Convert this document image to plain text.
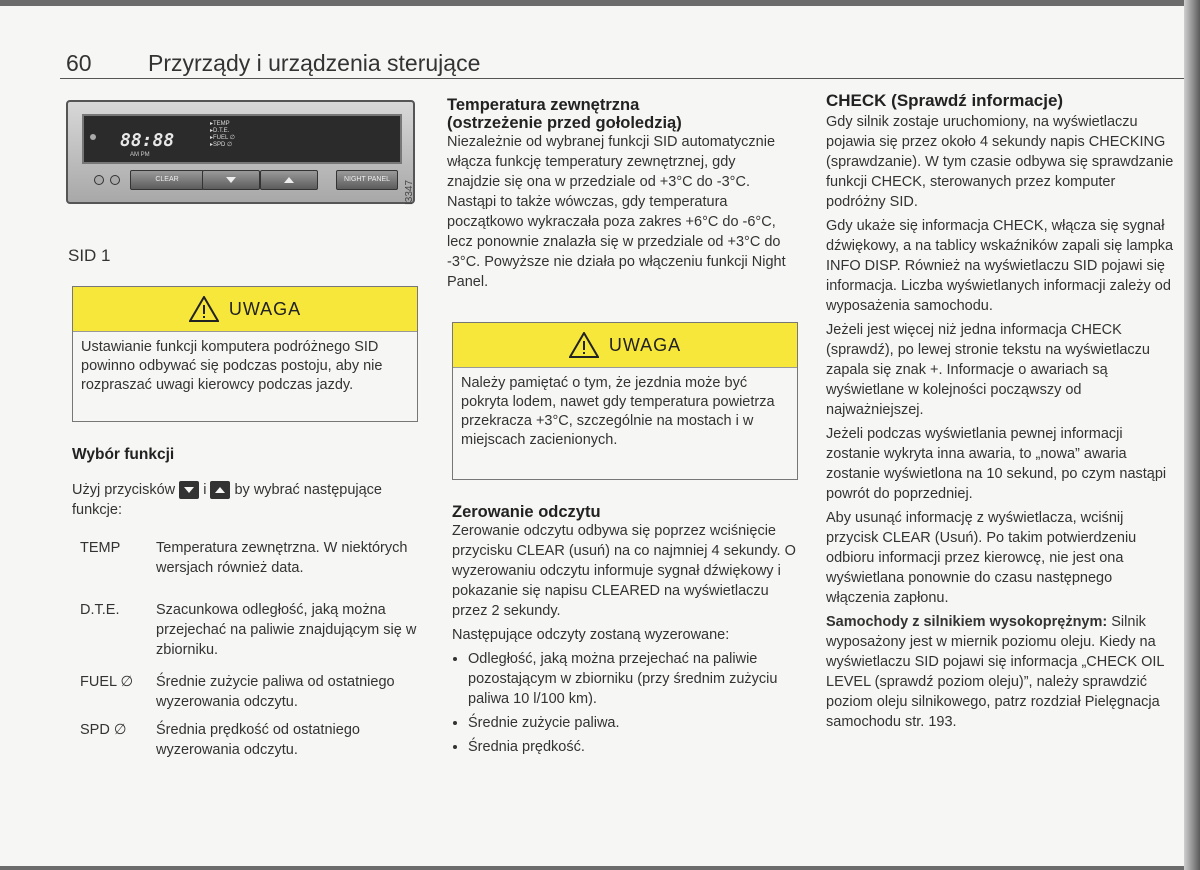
60 Przyrządy i urządzenia sterujące
88:88
AM PM
▸TEMP
▸D.T.E.
▸FUEL ∅
▸SPD ∅
CLEAR	NIGHT PANEL
I3347
SID 1
UWAGA
Ustawianie funkcji komputera podróżnego SID powinno odbywać się podczas postoju, aby nie rozpraszać uwagi kierowcy podczas jazdy.
Wybór funkcji
Użyj przycisków i by wybrać następujące funkcje:
TEMP Temperatura zewnętrzna. W niektórych wersjach również data.
D.T.E.	Szacunkowa odległość, jaką można przejechać na paliwie znajdującym się w zbiorniku.
FUEL ∅ Średnie zużycie paliwa od ostatniego wyzerowania odczytu.
SPD ∅ Średnia prędkość od ostatniego wyzerowania odczytu.
Temperatura zewnętrzna
(ostrzeżenie przed gołoledzią)

Niezależnie od wybranej funkcji SID automatycznie włącza funkcję temperatury zewnętrznej, gdy znajdzie się ona w przedziale od +3°C do -3°C. Nastąpi to także wówczas, gdy temperatura początkowo wykraczała poza zakres +6°C do -6°C, lecz ponownie znalazła się w przedziale od +3°C do -3°C. Powyższe nie działa po włączeniu funkcji Night Panel.

UWAGA
Należy pamiętać o tym, że jezdnia może być pokryta lodem, nawet gdy temperatura powietrza przekracza +3°C, szczególnie na mostach i w miejscach zacienionych.
Zerowanie odczytu

Zerowanie odczytu odbywa się poprzez wciśnięcie przycisku CLEAR (usuń) na co najmniej 4 sekundy. O wyzerowaniu odczytu informuje sygnał dźwiękowy i pokazanie się napisu CLEARED na wyświetlaczu przez 2 sekundy.

Następujące odczyty zostaną wyzerowane:

• Odległość, jaką można przejechać na paliwie pozostającym w zbiorniku (przy średnim zużyciu paliwa 10 l/100 km).
• Średnie zużycie paliwa.
• Średnia prędkość.
CHECK (Sprawdź informacje)

Gdy silnik zostaje uruchomiony, na wyświetlaczu pojawia się przez około 4 sekundy napis CHECKING (sprawdzanie). W tym czasie odbywa się sprawdzanie funkcji CHECK, sterowanych przez komputer podróżny SID.

Gdy ukaże się informacja CHECK, włącza się sygnał dźwiękowy, a na tablicy wskaźników zapali się lampka INFO DISP. Również na wyświetlaczu SID pojawi się informacja. Liczba wyświetlanych informacji zależy od wyposażenia samochodu.

Jeżeli jest więcej niż jedna informacja CHECK (sprawdź), po lewej stronie tekstu na wyświetlaczu zapala się znak +. Informacje o awariach są wyświetlane w kolejności począwszy od najważniejszej.

Jeżeli podczas wyświetlania pewnej informacji zostanie wykryta inna awaria, to „nowa” awaria zostanie wyświetlona na 10 sekund, po czym nastąpi powrót do poprzedniej.

Aby usunąć informację z wyświetlacza, wciśnij przycisk CLEAR (Usuń). Po takim potwierdzeniu odbioru informacji przez kierowcę, nie jest ona wyświetlana ponownie do czasu następnego włączenia zapłonu.

Samochody z silnikiem wysokoprężnym: Silnik wyposażony jest w miernik poziomu oleju. Kiedy na wyświetlaczu SID pojawi się informacja „CHECK OIL LEVEL (sprawdź poziom oleju)”, należy sprawdzić poziom oleju silnikowego, patrz rozdział Pielęgnacja samochodu str. 193.
